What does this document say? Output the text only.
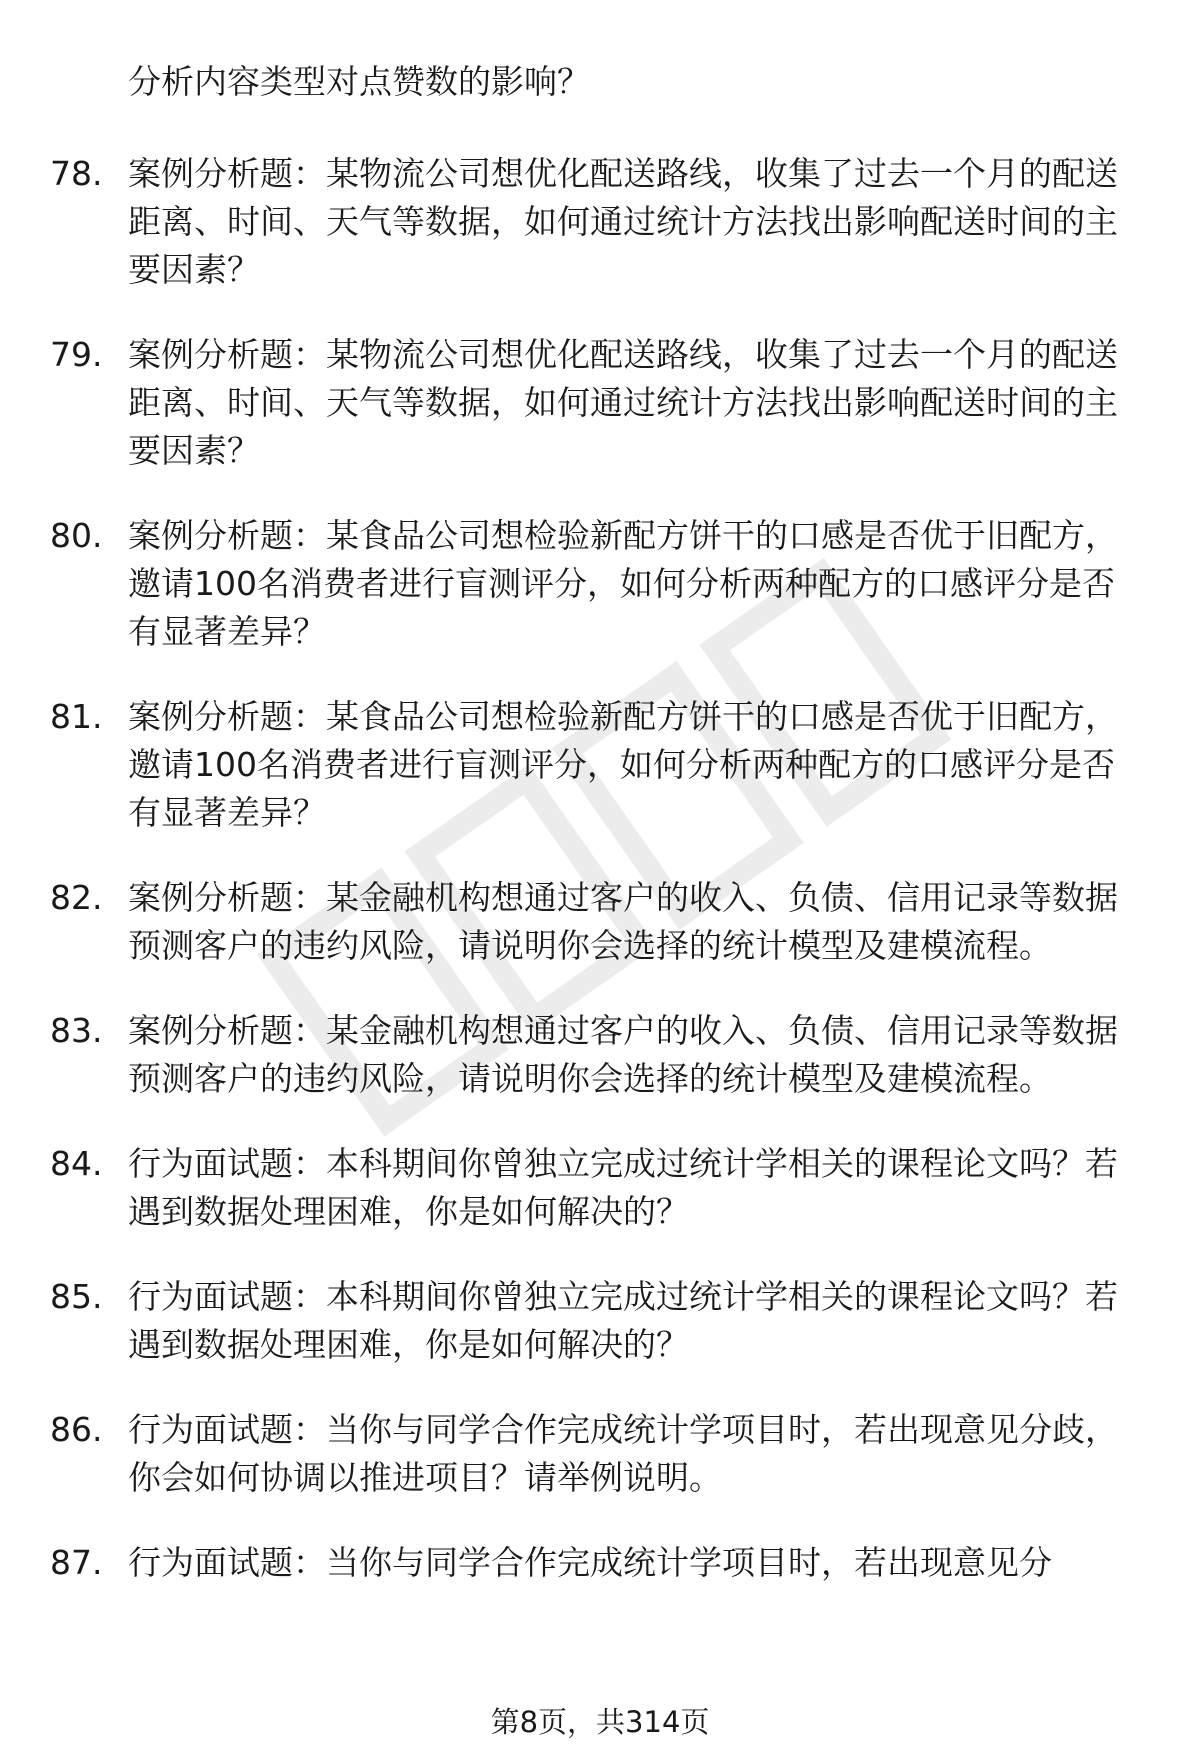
分析内容类型对点赞数的影响？
78. 案例分析题：某物流公司想优化配送路线，收集了过去一个月的配送距离、时间、天气等数据，如何通过统计方法找出影响配送时间的主要因素？
79. 案例分析题：某物流公司想优化配送路线，收集了过去一个月的配送距离、时间、天气等数据，如何通过统计方法找出影响配送时间的主要因素？
80. 案例分析题：某食品公司想检验新配方饼干的口感是否优于旧配方，邀请100名消费者进行盲测评分，如何分析两种配方的口感评分是否有显著差异？
81. 案例分析题：某食品公司想检验新配方饼干的口感是否优于旧配方，邀请100名消费者进行盲测评分，如何分析两种配方的口感评分是否有显著差异？
82. 案例分析题：某金融机构想通过客户的收入、负债、信用记录等数据预测客户的违约风险，请说明你会选择的统计模型及建模流程。
83. 案例分析题：某金融机构想通过客户的收入、负债、信用记录等数据预测客户的违约风险，请说明你会选择的统计模型及建模流程。
84. 行为面试题：本科期间你曾独立完成过统计学相关的课程论文吗？若遇到数据处理困难，你是如何解决的？
85. 行为面试题：本科期间你曾独立完成过统计学相关的课程论文吗？若遇到数据处理困难，你是如何解决的？
86. 行为面试题：当你与同学合作完成统计学项目时，若出现意见分歧，你会如何协调以推进项目？请举例说明。
87. 行为面试题：当你与同学合作完成统计学项目时，若出现意见分
第8页，共314页
